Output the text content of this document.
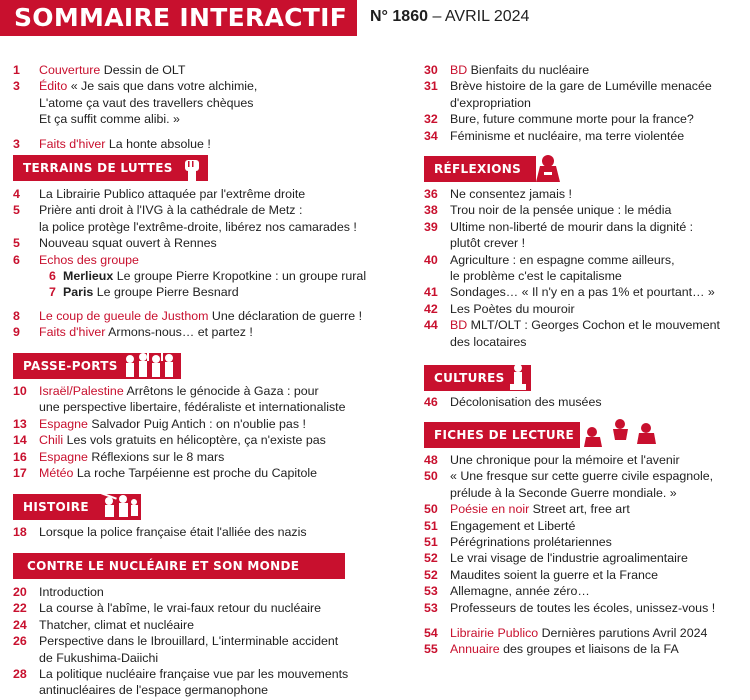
SOMMAIRE INTERACTIF	N° 1860 – AVRIL 2024
1 Couverture Dessin de OLT
3 Édito « Je sais que dans votre alchimie,
L'atome ça vaut des travellers chèques
Et ça suffit comme alibi. »
3 Faits d'hiver La honte absolue !
TERRAINS DE LUTTES
4 La Librairie Publico attaquée par l'extrême droite
5 Prière anti droit à l'IVG à la cathédrale de Metz :
la police protège l'extrême-droite, libérez nos camarades !
5 Nouveau squat ouvert à Rennes
6 Echos des groupe
6 Merlieux Le groupe Pierre Kropotkine : un groupe rural
7 Paris Le groupe Pierre Besnard
8 Le coup de gueule de Justhom Une déclaration de guerre !
9 Faits d'hiver Armons-nous… et partez !
PASSE-PORTS
10 Israël/Palestine Arrêtons le génocide à Gaza : pour
une perspective libertaire, fédéraliste et internationaliste
13 Espagne Salvador Puig Antich : on n'oublie pas !
14 Chili Les vols gratuits en hélicoptère, ça n'existe pas
16 Espagne Réflexions sur le 8 mars
17 Météo La roche Tarpéienne est proche du Capitole
HISTOIRE
18 Lorsque la police française était l'alliée des nazis
CONTRE LE NUCLÉAIRE ET SON MONDE
20 Introduction
22 La course à l'abîme, le vrai-faux retour du nucléaire
24 Thatcher, climat et nucléaire
26 Perspective dans le Ibrouillard, L'interminable accident
de Fukushima-Daiichi
28 La politique nucléaire française vue par les mouvements
antinucléaires de l'espace germanophone
30 BD Bienfaits du nucléaire
31 Brève histoire de la gare de Luméville menacée
d'expropriation
32 Bure, future commune morte pour la france?
34 Féminisme et nucléaire, ma terre violentée
RÉFLEXIONS
36 Ne consentez jamais !
38 Trou noir de la pensée unique : le média
39 Ultime non-liberté de mourir dans la dignité :
plutôt crever !
40 Agriculture : en espagne comme ailleurs,
le problème c'est le capitalisme
41 Sondages… « Il n'y en a pas 1% et pourtant… »
42 Les Poètes du mouroir
44 BD MLT/OLT : Georges Cochon et le mouvement
des locataires
CULTURES
46 Décolonisation des musées
FICHES DE LECTURE
48 Une chronique pour la mémoire et l'avenir
50 « Une fresque sur cette guerre civile espagnole,
prélude à la Seconde Guerre mondiale. »
50 Poésie en noir Street art, free art
51 Engagement et Liberté
51 Pérégrinations prolétariennes
52 Le vrai visage de l'industrie agroalimentaire
52 Maudites soient la guerre et la France
53 Allemagne, année zéro…
53 Professeurs de toutes les écoles, unissez-vous !
54 Librairie Publico Dernières parutions Avril 2024
55 Annuaire des groupes et liaisons de la FA
